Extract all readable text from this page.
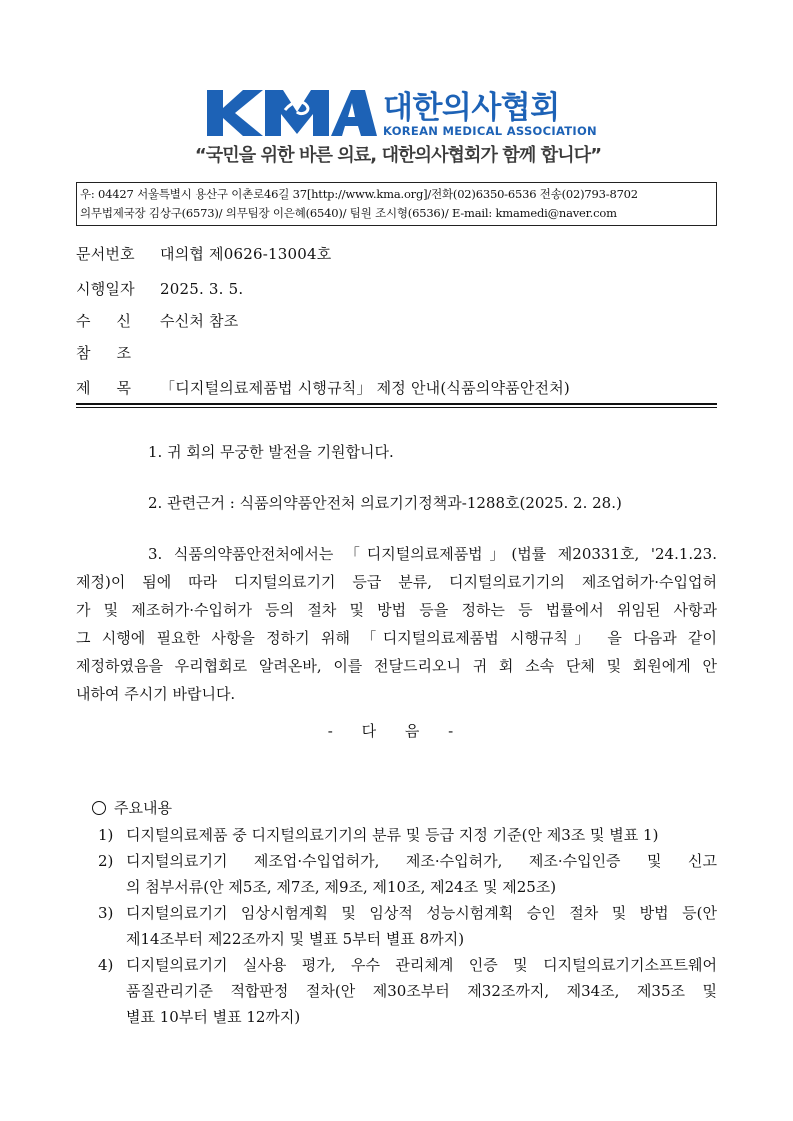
대한의사협회
KOREAN MEDICAL ASSOCIATION
“국민을 위한 바른 의료, 대한의사협회가 함께 합니다”
우: 04427 서울특별시 용산구 이촌로46길 37[http://www.kma.org]/전화(02)6350-6536 전송(02)793-8702
의무법제국장 김상구(6573)/ 의무팀장 이은혜(6540)/ 팀원 조시형(6536)/ E-mail: kmamedi@naver.com
문서번호 대의협 제0626-13004호
시행일자 2025. 3. 5.
수신 수신처 참조
참조
제목 「디지털의료제품법 시행규칙」 제정 안내(식품의약품안전처)
1. 귀 회의 무궁한 발전을 기원합니다.
2. 관련근거 : 식품의약품안전처 의료기기정책과-1288호(2025. 2. 28.)
3. 식품의약품안전처에서는 「디지털의료제품법」(법률 제20331호, '24.1.23.
제정)이 됨에 따라 디지털의료기기 등급 분류, 디지털의료기기의 제조업허가·수입업허
가 및 제조허가·수입허가 등의 절차 및 방법 등을 정하는 등 법률에서 위임된 사항과
그 시행에 필요한 사항을 정하기 위해 「디지털의료제품법 시행규칙」 을 다음과 같이
제정하였음을 우리협회로 알려온바, 이를 전달드리오니 귀 회 소속 단체 및 회원에게 안
내하여 주시기 바랍니다.
- 다 음 -
주요내용
1) 디지털의료제품 중 디지털의료기기의 분류 및 등급 지정 기준(안 제3조 및 별표 1)
2) 디지털의료기기 제조업·수입업허가, 제조·수입허가, 제조·수입인증 및 신고
의 첨부서류(안 제5조, 제7조, 제9조, 제10조, 제24조 및 제25조)
3) 디지털의료기기 임상시험계획 및 임상적 성능시험계획 승인 절차 및 방법 등(안
제14조부터 제22조까지 및 별표 5부터 별표 8까지)
4) 디지털의료기기 실사용 평가, 우수 관리체계 인증 및 디지털의료기기소프트웨어
품질관리기준 적합판정 절차(안 제30조부터 제32조까지, 제34조, 제35조 및
별표 10부터 별표 12까지)
